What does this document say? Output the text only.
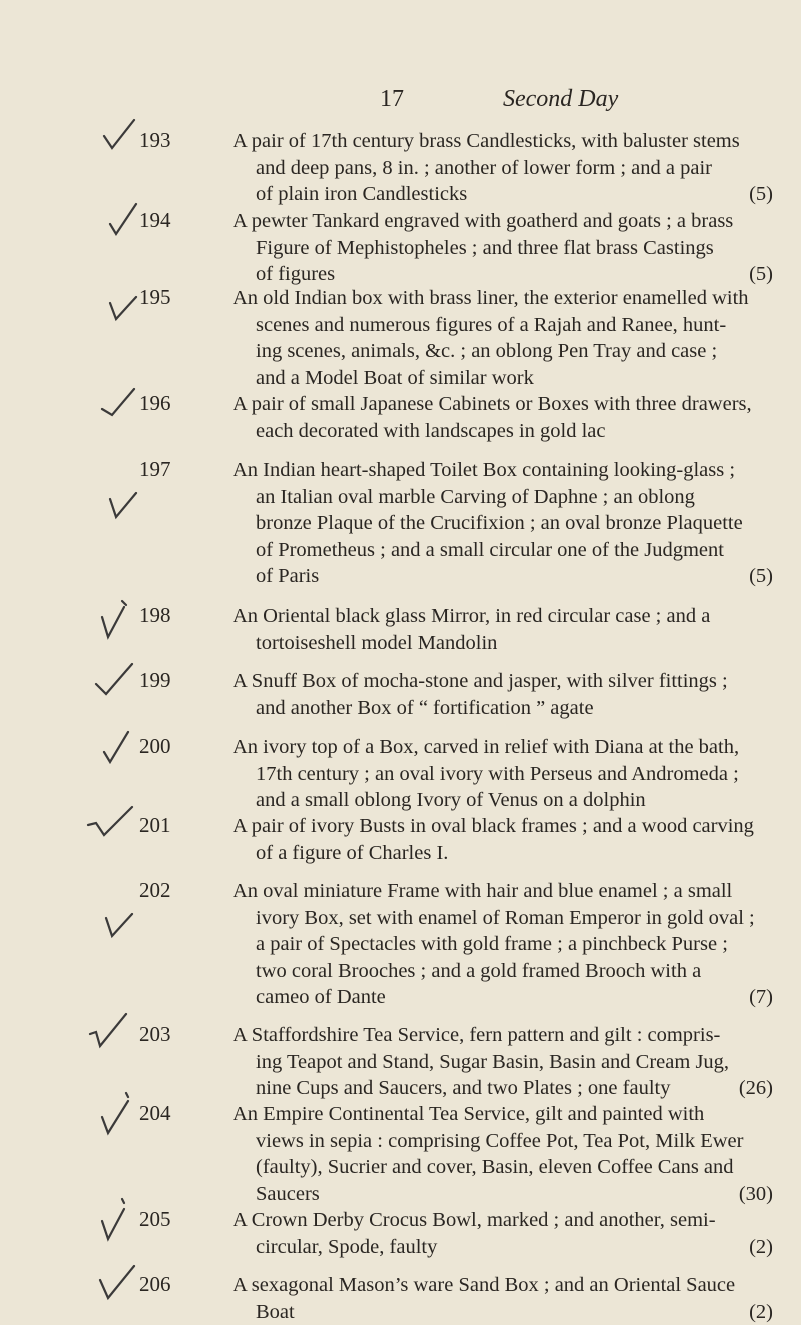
17	Second Day
193	A pair of 17th century brass Candlesticks, with baluster stems
and deep pans, 8 in. ; another of lower form ; and a pair
of plain iron Candlesticks	(5)
194	A pewter Tankard engraved with goatherd and goats ; a brass
Figure of Mephistopheles ; and three flat brass Castings
of figures	(5)
195	An old Indian box with brass liner, the exterior enamelled with
scenes and numerous figures of a Rajah and Ranee, hunt-
ing scenes, animals, &c. ; an oblong Pen Tray and case ;
and a Model Boat of similar work
196	A pair of small Japanese Cabinets or Boxes with three drawers,
each decorated with landscapes in gold lac
197	An Indian heart-shaped Toilet Box containing looking-glass ;
an Italian oval marble Carving of Daphne ; an oblong
bronze Plaque of the Crucifixion ; an oval bronze Plaquette
of Prometheus ; and a small circular one of the Judgment
of Paris	(5)
198	An Oriental black glass Mirror, in red circular case ; and a
tortoiseshell model Mandolin
199	A Snuff Box of mocha-stone and jasper, with silver fittings ;
and another Box of “ fortification ” agate
200	An ivory top of a Box, carved in relief with Diana at the bath,
17th century ; an oval ivory with Perseus and Andromeda ;
and a small oblong Ivory of Venus on a dolphin
201	A pair of ivory Busts in oval black frames ; and a wood carving
of a figure of Charles I.
202	An oval miniature Frame with hair and blue enamel ; a small
ivory Box, set with enamel of Roman Emperor in gold oval ;
a pair of Spectacles with gold frame ; a pinchbeck Purse ;
two coral Brooches ; and a gold framed Brooch with a
cameo of Dante	(7)
203	A Staffordshire Tea Service, fern pattern and gilt : compris-
ing Teapot and Stand, Sugar Basin, Basin and Cream Jug,
nine Cups and Saucers, and two Plates ; one faulty	(26)
204	An Empire Continental Tea Service, gilt and painted with
views in sepia : comprising Coffee Pot, Tea Pot, Milk Ewer
(faulty), Sucrier and cover, Basin, eleven Coffee Cans and
Saucers	(30)
205	A Crown Derby Crocus Bowl, marked ; and another, semi-
circular, Spode, faulty	(2)
206	A sexagonal Mason’s ware Sand Box ; and an Oriental Sauce
Boat	(2)
